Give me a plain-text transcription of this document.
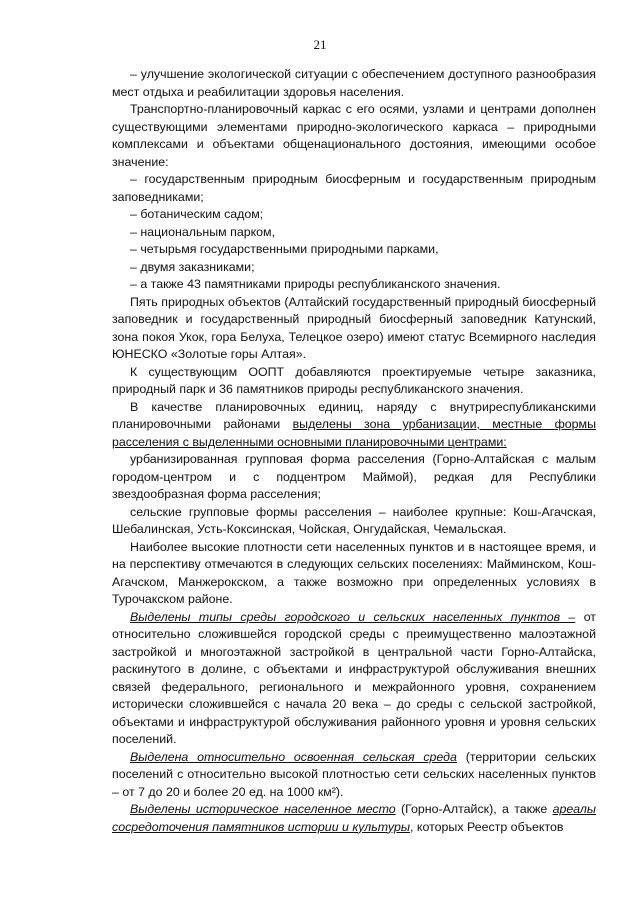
21

– улучшение экологической ситуации с обеспечением доступного разнообразия мест отдыха и реабилитации здоровья населения.

Транспортно-планировочный каркас с его осями, узлами и центрами дополнен существующими элементами природно-экологического каркаса – природными комплексами и объектами общенационального достояния, имеющими особое значение:

– государственным природным биосферным и государственным природным заповедниками;

– ботаническим садом;

– национальным парком,

– четырьмя государственными природными парками,

– двумя заказниками;

– а также 43 памятниками природы республиканского значения.

Пять природных объектов (Алтайский государственный природный биосферный заповедник и государственный природный биосферный заповедник Катунский, зона покоя Укок, гора Белуха, Телецкое озеро) имеют статус Всемирного наследия ЮНЕСКО «Золотые горы Алтая».

К существующим ООПТ добавляются проектируемые четыре заказника, природный парк и 36 памятников природы республиканского значения.

В качестве планировочных единиц, наряду с внутриреспубликанскими планировочными районами выделены зона урбанизации, местные формы расселения с выделенными основными планировочными центрами:

урбанизированная групповая форма расселения (Горно-Алтайская с малым городом-центром и с подцентром Маймой), редкая для Республики звездообразная форма расселения;

сельские групповые формы расселения – наиболее крупные: Кош-Агачская, Шебалинская, Усть-Коксинская, Чойская, Онгудайская, Чемальская.

Наиболее высокие плотности сети населенных пунктов и в настоящее время, и на перспективу отмечаются в следующих сельских поселениях: Майминском, Кош-Агачском, Манжерокском, а также возможно при определенных условиях в Турочакском районе.

Выделены типы среды городского и сельских населенных пунктов – от относительно сложившейся городской среды с преимущественно малоэтажной застройкой и многоэтажной застройкой в центральной части Горно-Алтайска, раскинутого в долине, с объектами и инфраструктурой обслуживания внешних связей федерального, регионального и межрайонного уровня, сохранением исторически сложившейся с начала 20 века – до среды с сельской застройкой, объектами и инфраструктурой обслуживания районного уровня и уровня сельских поселений.

Выделена относительно освоенная сельская среда (территории сельских поселений с относительно высокой плотностью сети сельских населенных пунктов – от 7 до 20 и более 20 ед. на 1000 км²).

Выделены историческое населенное место (Горно-Алтайск), а также ареалы сосредоточения памятников истории и культуры, которых Реестр объектов
